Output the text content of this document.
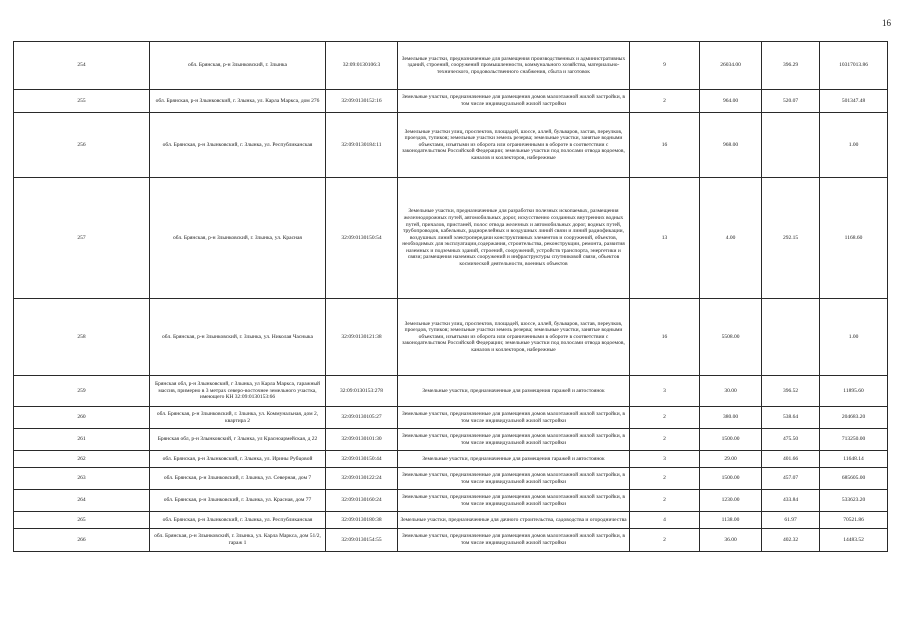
16
254	обл. Брянская, р-н Злынковский, г. Злынка	32:09:0130106:3	Земельные участки, предназначенные для размещения производственных и административных зданий, строений, сооружений промышленности, коммунального хозяйства, материально-технического, продовольственного снабжения, сбыта и заготовок	9	26034.00	396.29	10317013.86
255	обл. Брянская, р-н Злынковский, г. Злынка, ул. Карла Маркса, дом 276	32:09:0130152:16	Земельные участки, предназначенные для размещения домов малоэтажной жилой застройки, в том числе индивидуальной жилой застройки	2	964.00	520.07	501347.48
256	обл. Брянская, р-н Злынковский, г. Злынка, ул. Республиканская	32:09:0130184:11	Земельные участки улиц, проспектов, площадей, шоссе, аллей, бульваров, застав, переулков, проездов, тупиков; земельные участки земель резерва; земельные участки, занятые водными объектами, изъятыми из оборота или ограниченными в обороте в соответствии с законодательством Российской Федерации; земельные участки под полосами отвода водоемов, каналов и коллекторов, набережные	16	968.00		1.00
257	обл. Брянская, р-н Злынковский, г. Злынка, ул. Красная	32:09:0130150:54	Земельные участки, предназначенные для разработки полезных ископаемых, размещения железнодорожных путей, автомобильных дорог, искусственно созданных внутренних водных путей, причалов, пристаней, полос отвода железных и автомобильных дорог, водных путей, трубопроводов, кабельных, радиорелейных и воздушных линий связи и линий радиофикации, воздушных линий электропередачи конструктивных элементов и сооружений, объектов, необходимых для эксплуатации,содержания, строительства, реконструкции, ремонта, развития наземных и подземных зданий, строений, сооружений, устройств транспорта, энергетики и связи; размещения наземных сооружений и инфраструктуры спутниковой связи, объектов космической деятельности, военных объектов	13	4.00	292.15	1168.60
258	обл. Брянская, р-н Злынковский, г. Злынка, ул. Николая Часныка	32:09:0130121:38	Земельные участки улиц, проспектов, площадей, шоссе, аллей, бульваров, застав, переулков, проездов, тупиков; земельные участки земель резерва; земельные участки, занятые водными объектами, изъятыми из оборота или ограниченными в обороте в соответствии с законодательством Российской Федерации; земельные участки под полосами отвода водоемов, каналов и коллекторов, набережные	16	5508.00		1.00
259	Брянская обл, р-н Злынковский, г Злынка, ул Карла Маркса, гаражный массив, примерно в 3 метрах северо-восточнее земельного участка, имеющего КН 32:09:0130153:66	32:09:0130153:278	Земельные участки, предназначенные для размещения гаражей и автостоянок	3	30.00	396.52	11895.60
260	обл. Брянская, р-н Злынковский, г. Злынка, ул. Коммунальная, дом 2, квартира 2	32:09:0130105:27	Земельные участки, предназначенные для размещения домов малоэтажной жилой застройки, в том числе индивидуальной жилой застройки	2	380.00	538.64	204683.20
261	Брянская обл, р-н Злынковский, г Злынка, ул Красноармейская, д 22	32:09:0130101:30	Земельные участки, предназначенные для размещения домов малоэтажной жилой застройки, в том числе индивидуальной жилой застройки	2	1500.00	475.50	713250.00
262	обл. Брянская, р-н Злынковский, г. Злынка, ул. Ирины Рубцовой	32:09:0130150:44	Земельные участки, предназначенные для размещения гаражей и автостоянок	3	29.00	401.66	11648.14
263	обл. Брянская, р-н Злынковский, г. Злынка, ул. Северная, дом 7	32:09:0130122:24	Земельные участки, предназначенные для размещения домов малоэтажной жилой застройки, в том числе индивидуальной жилой застройки	2	1500.00	457.07	685605.00
264	обл. Брянская, р-н Злынковский, г. Злынка, ул. Красная, дом 77	32:09:0130160:24	Земельные участки, предназначенные для размещения домов малоэтажной жилой застройки, в том числе индивидуальной жилой застройки	2	1230.00	433.84	533623.20
265	обл. Брянская, р-н Злынковский, г. Злынка, ул. Республиканская	32:09:0130180:38	Земельные участки, предназначенные для дачного строительства, садоводства и огородничества	4	1138.00	61.97	70521.86
266	обл. Брянская, р-н Злынковский, г. Злынка, ул. Карла Маркса, дом 51/2, гараж 1	32:09:0130154:55	Земельные участки, предназначенные для размещения домов малоэтажной жилой застройки, в том числе индивидуальной жилой застройки	2	36.00	402.32	14483.52
